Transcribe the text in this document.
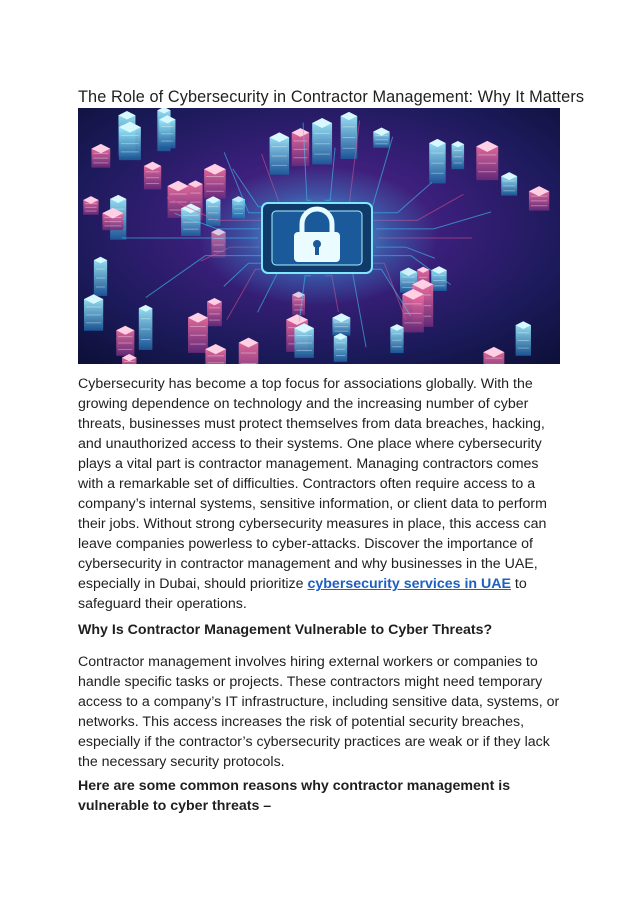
The Role of Cybersecurity in Contractor Management: Why It Matters

Cybersecurity has become a top focus for associations globally. With the growing dependence on technology and the increasing number of cyber threats, businesses must protect themselves from data breaches, hacking, and unauthorized access to their systems. One place where cybersecurity plays a vital part is contractor management. Managing contractors comes with a remarkable set of difficulties. Contractors often require access to a company’s internal systems, sensitive information, or client data to perform their jobs. Without strong cybersecurity measures in place, this access can leave companies powerless to cyber-attacks. Discover the importance of cybersecurity in contractor management and why businesses in the UAE, especially in Dubai, should prioritize cybersecurity services in UAE to safeguard their operations.

Why Is Contractor Management Vulnerable to Cyber Threats?

Contractor management involves hiring external workers or companies to handle specific tasks or projects. These contractors might need temporary access to a company’s IT infrastructure, including sensitive data, systems, or networks. This access increases the risk of potential security breaches, especially if the contractor’s cybersecurity practices are weak or if they lack the necessary security protocols.

Here are some common reasons why contractor management is vulnerable to cyber threats –
